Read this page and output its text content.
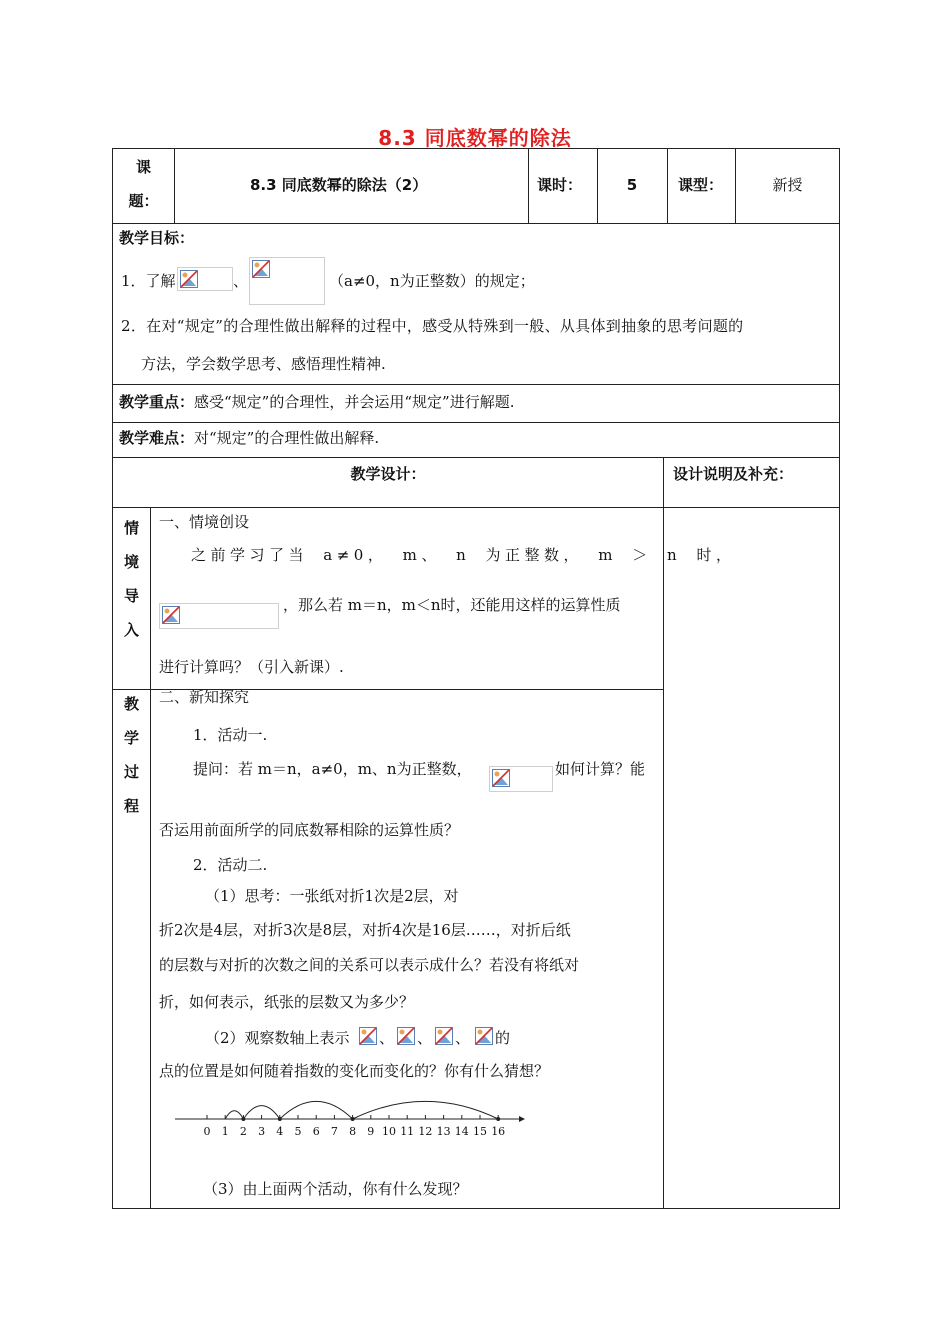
8.3 同底数幂的除法
课
题：
8.3 同底数幂的除法（2）	课时：	5	课型：	新授
教学目标：
1．了解	、	（a≠0，n为正整数）的规定；
2．在对“规定”的合理性做出解释的过程中，感受从特殊到一般、从具体到抽象的思考问题的
方法，学会数学思考、感悟理性精神.
教学重点：感受“规定”的合理性，并会运用“规定”进行解题.
教学难点：对“规定”的合理性做出解释.
教学设计：	设计说明及补充：
情
境
导
入
一、情境创设
之前学习了当 a≠0， m、 n 为正整数， m ＞ n 时，
，那么若 m＝n，m＜n时，还能用这样的运算性质
进行计算吗？（引入新课）.
教
学
过
程
二、新知探究
1．活动一.
提问：若 m＝n，a≠0，m、n为正整数，	如何计算？能
否运用前面所学的同底数幂相除的运算性质？
2．活动二.
（1）思考：一张纸对折1次是2层，对
折2次是4层，对折3次是8层，对折4次是16层……，对折后纸
的层数与对折的次数之间的关系可以表示成什么？若没有将纸对
折，如何表示，纸张的层数又为多少？
（2）观察数轴上表示 、 、 、 的
点的位置是如何随着指数的变化而变化的？你有什么猜想？
0 1 2 3 4 5 6 7 8 9 10 11 12 13 14 15 16
（3）由上面两个活动，你有什么发现？
